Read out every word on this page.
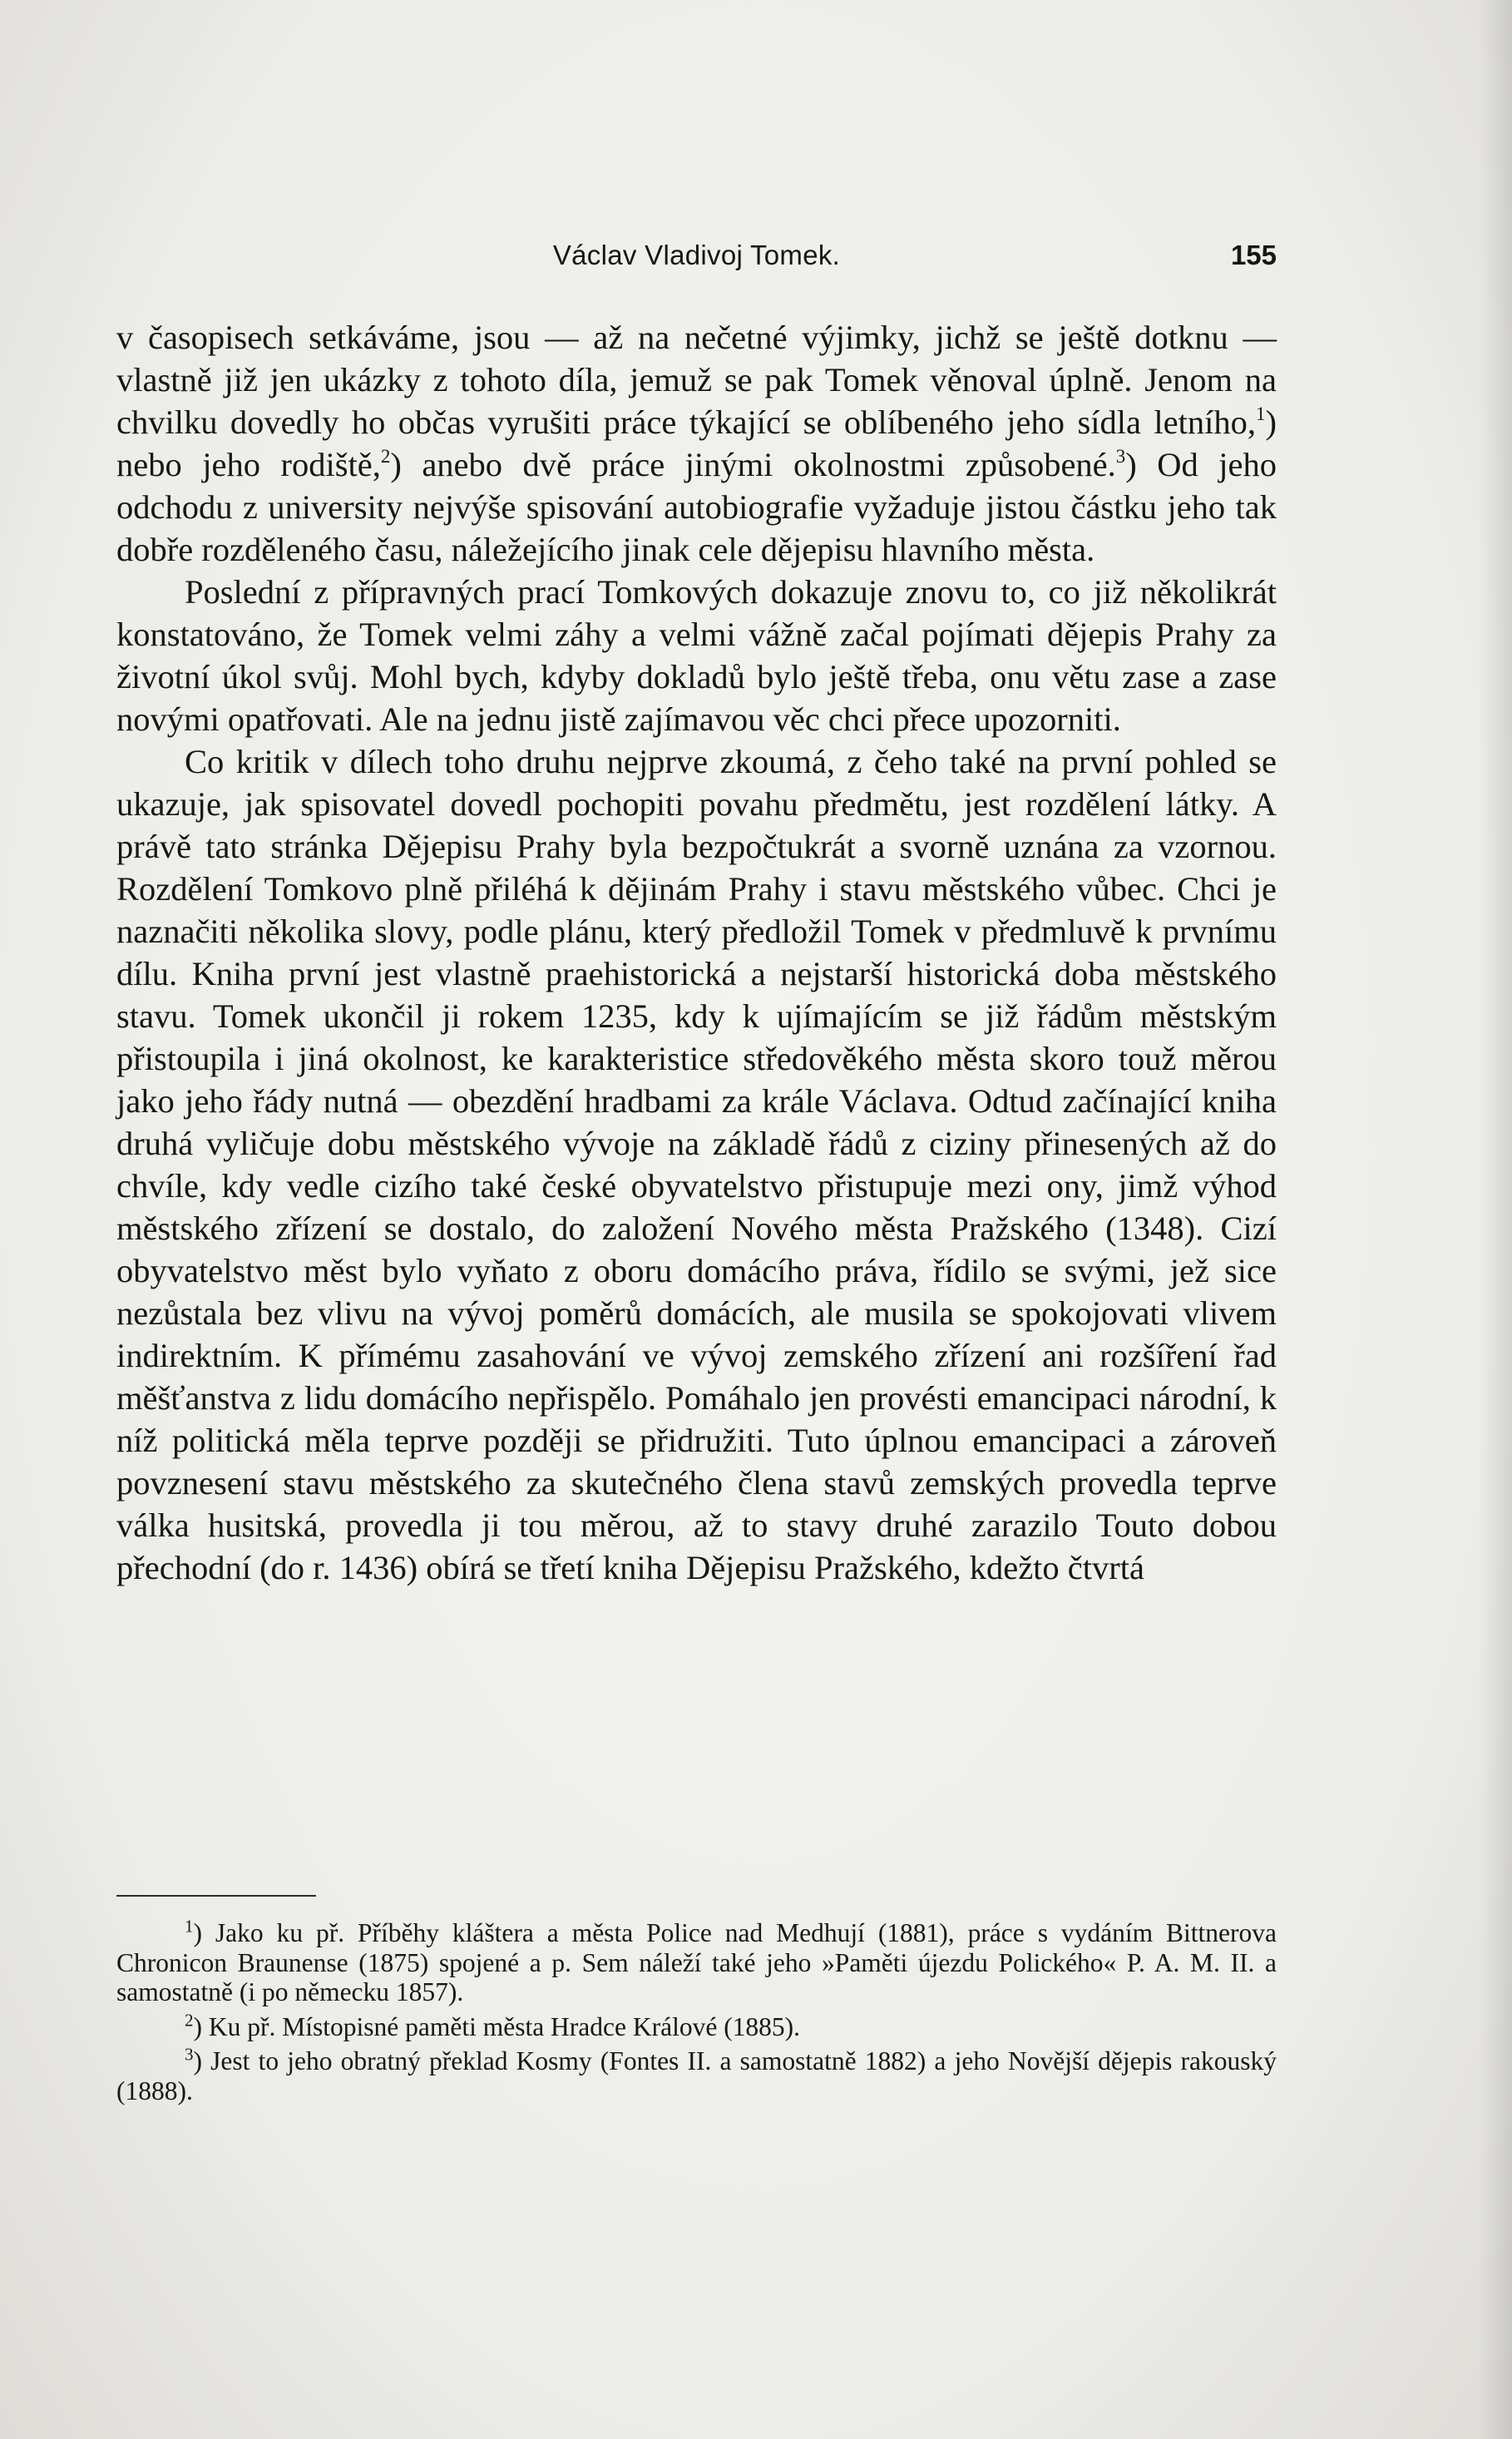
Václav Vladivoj Tomek.	155

v časopisech setkáváme, jsou — až na nečetné výjimky, jichž se ještě dotknu — vlastně již jen ukázky z tohoto díla, jemuž se pak Tomek věnoval úplně. Jenom na chvilku dovedly ho občas vyrušiti práce týkající se oblíbeného jeho sídla letního,$^1$) nebo jeho rodiště,$^2$) anebo dvě práce jinými okolnostmi způsobené.$^3$) Od jeho odchodu z university nejvýše spisování autobiografie vyžaduje jistou částku jeho tak dobře rozděleného času, náležejícího jinak cele dějepisu hlavního města.

Poslední z přípravných prací Tomkových dokazuje znovu to, co již několikrát konstatováno, že Tomek velmi záhy a velmi vážně začal pojímati dějepis Prahy za životní úkol svůj. Mohl bych, kdyby dokladů bylo ještě třeba, onu větu zase a zase novými opatřovati. Ale na jednu jistě zajímavou věc chci přece upozorniti.

Co kritik v dílech toho druhu nejprve zkoumá, z čeho také na první pohled se ukazuje, jak spisovatel dovedl pochopiti povahu předmětu, jest rozdělení látky. A právě tato stránka Dějepisu Prahy byla bezpočtukrát a svorně uznána za vzornou. Rozdělení Tomkovo plně přiléhá k dějinám Prahy i stavu městského vůbec. Chci je naznačiti několika slovy, podle plánu, který předložil Tomek v předmluvě k prvnímu dílu. Kniha první jest vlastně praehistorická a nejstarší historická doba městského stavu. Tomek ukončil ji rokem 1235, kdy k ujímajícím se již řádům městským přistoupila i jiná okolnost, ke karakteristice středověkého města skoro touž měrou jako jeho řády nutná — obezdění hradbami za krále Václava. Odtud začínající kniha druhá vyličuje dobu městského vývoje na základě řádů z ciziny přinesených až do chvíle, kdy vedle cizího také české obyvatelstvo přistupuje mezi ony, jimž výhod městského zřízení se dostalo, do založení Nového města Pražského (1348). Cizí obyvatelstvo měst bylo vyňato z oboru domácího práva, řídilo se svými, jež sice nezůstala bez vlivu na vývoj poměrů domácích, ale musila se spokojovati vlivem indirektním. K přímému zasahování ve vývoj zemského zřízení ani rozšíření řad měšťanstva z lidu domácího nepřispělo. Pomáhalo jen provésti emancipaci národní, k níž politická měla teprve později se přidružiti. Tuto úplnou emancipaci a zároveň povznesení stavu městského za skutečného člena stavů zemských provedla teprve válka husitská, provedla ji tou měrou, až to stavy druhé zarazilo Touto dobou přechodní (do r. 1436) obírá se třetí kniha Dějepisu Pražského, kdežto čtvrtá

$^1$) Jako ku př. Příběhy kláštera a města Police nad Medhují (1881), práce s vydáním Bittnerova Chronicon Braunense (1875) spojené a p. Sem náleží také jeho »Paměti újezdu Polického« P. A. M. II. a samostatně (i po německu 1857).

$^2$) Ku př. Místopisné paměti města Hradce Králové (1885).

$^3$) Jest to jeho obratný překlad Kosmy (Fontes II. a samostatně 1882) a jeho Novější dějepis rakouský (1888).
